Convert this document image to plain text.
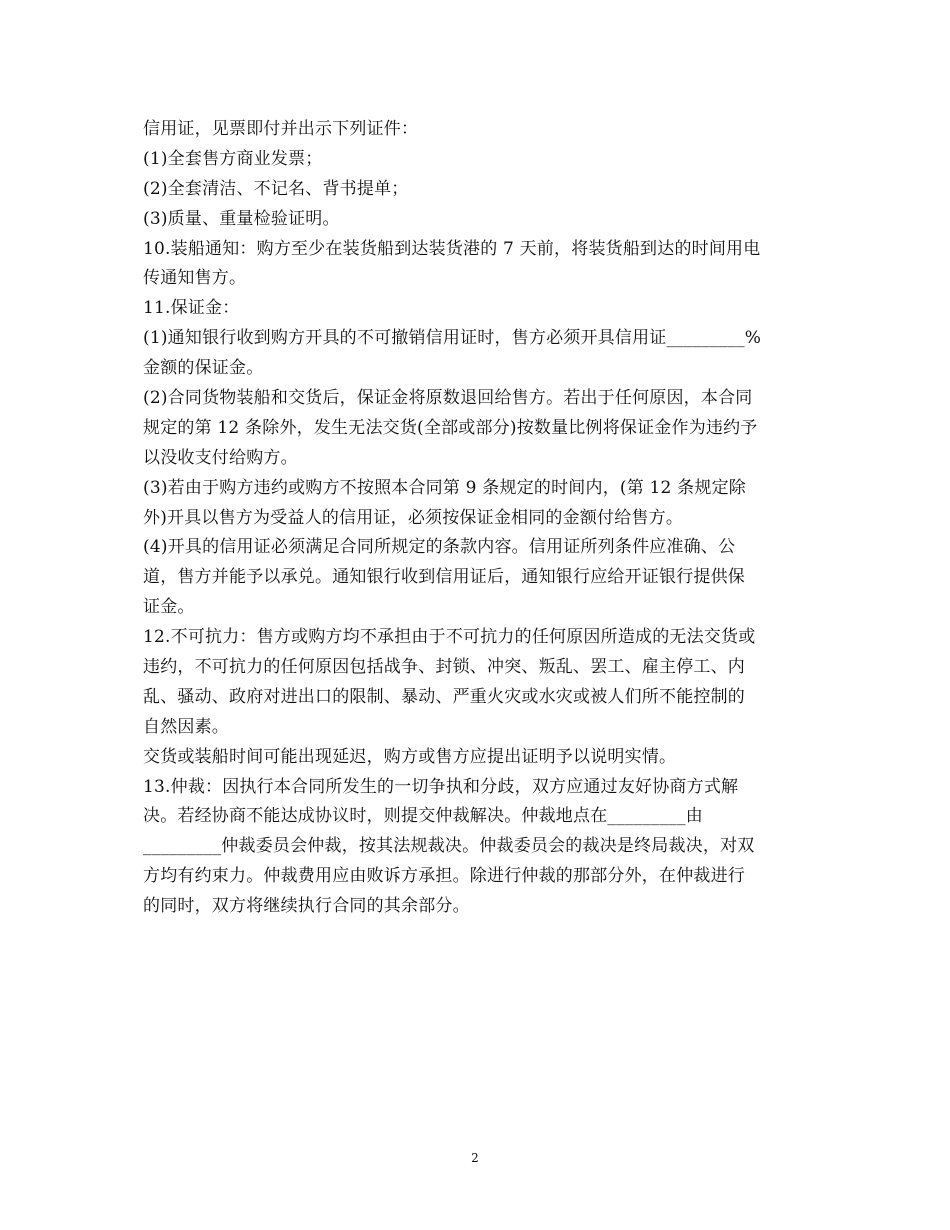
信用证，见票即付并出示下列证件：
(1)全套售方商业发票；
(2)全套清洁、不记名、背书提单；
(3)质量、重量检验证明。
10.装船通知：购方至少在装货船到达装货港的 7 天前，将装货船到达的时间用电
传通知售方。
11.保证金：
(1)通知银行收到购方开具的不可撤销信用证时，售方必须开具信用证_________%
金额的保证金。
(2)合同货物装船和交货后，保证金将原数退回给售方。若出于任何原因，本合同
规定的第 12 条除外，发生无法交货(全部或部分)按数量比例将保证金作为违约予
以没收支付给购方。
(3)若由于购方违约或购方不按照本合同第 9 条规定的时间内，(第 12 条规定除
外)开具以售方为受益人的信用证，必须按保证金相同的金额付给售方。
(4)开具的信用证必须满足合同所规定的条款内容。信用证所列条件应准确、公
道，售方并能予以承兑。通知银行收到信用证后，通知银行应给开证银行提供保
证金。
12.不可抗力：售方或购方均不承担由于不可抗力的任何原因所造成的无法交货或
违约，不可抗力的任何原因包括战争、封锁、冲突、叛乱、罢工、雇主停工、内
乱、骚动、政府对进出口的限制、暴动、严重火灾或水灾或被人们所不能控制的
自然因素。
交货或装船时间可能出现延迟，购方或售方应提出证明予以说明实情。
13.仲裁：因执行本合同所发生的一切争执和分歧，双方应通过友好协商方式解
决。若经协商不能达成协议时，则提交仲裁解决。仲裁地点在_________由
_________仲裁委员会仲裁，按其法规裁决。仲裁委员会的裁决是终局裁决，对双
方均有约束力。仲裁费用应由败诉方承担。除进行仲裁的那部分外，在仲裁进行
的同时，双方将继续执行合同的其余部分。
2
